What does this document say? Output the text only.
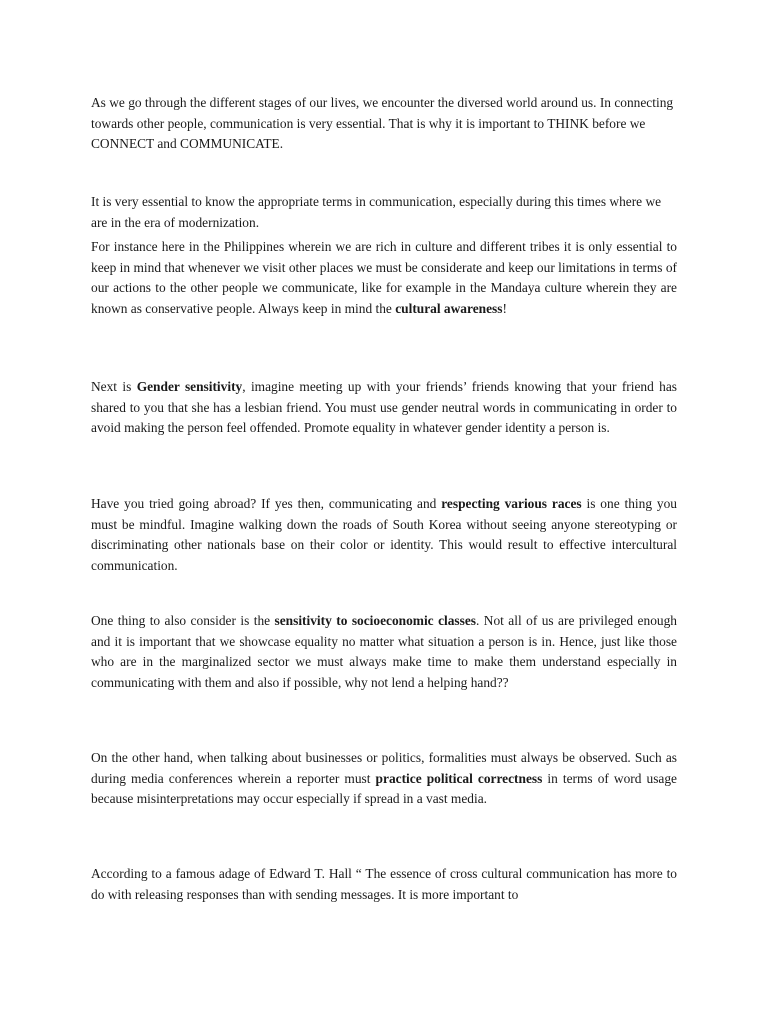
As we go through the different stages of our lives, we encounter the diversed world around us. In connecting towards other people, communication is very essential. That is why it is important to THINK before we CONNECT and COMMUNICATE.

It is very essential to know the appropriate terms in communication, especially during this times where we are in the era of modernization.

For instance here in the Philippines wherein we are rich in culture and different tribes it is only essential to keep in mind that whenever we visit other places we must be considerate and keep our limitations in terms of our actions to the other people we communicate, like for example in the Mandaya culture wherein they are known as conservative people. Always keep in mind the cultural awareness!

Next is Gender sensitivity, imagine meeting up with your friends’ friends knowing that your friend has shared to you that she has a lesbian friend. You must use gender neutral words in communicating in order to avoid making the person feel offended. Promote equality in whatever gender identity a person is.

Have you tried going abroad? If yes then, communicating and respecting various races is one thing you must be mindful. Imagine walking down the roads of South Korea without seeing anyone stereotyping or discriminating other nationals base on their color or identity. This would result to effective intercultural communication.

One thing to also consider is the sensitivity to socioeconomic classes. Not all of us are privileged enough and it is important that we showcase equality no matter what situation a person is in. Hence, just like those who are in the marginalized sector we must always make time to make them understand especially in communicating with them and also if possible, why not lend a helping hand??

On the other hand, when talking about businesses or politics, formalities must always be observed. Such as during media conferences wherein a reporter must practice political correctness in terms of word usage because misinterpretations may occur especially if spread in a vast media.

According to a famous adage of Edward T. Hall “ The essence of cross cultural communication has more to do with releasing responses than with sending messages. It is more important to
